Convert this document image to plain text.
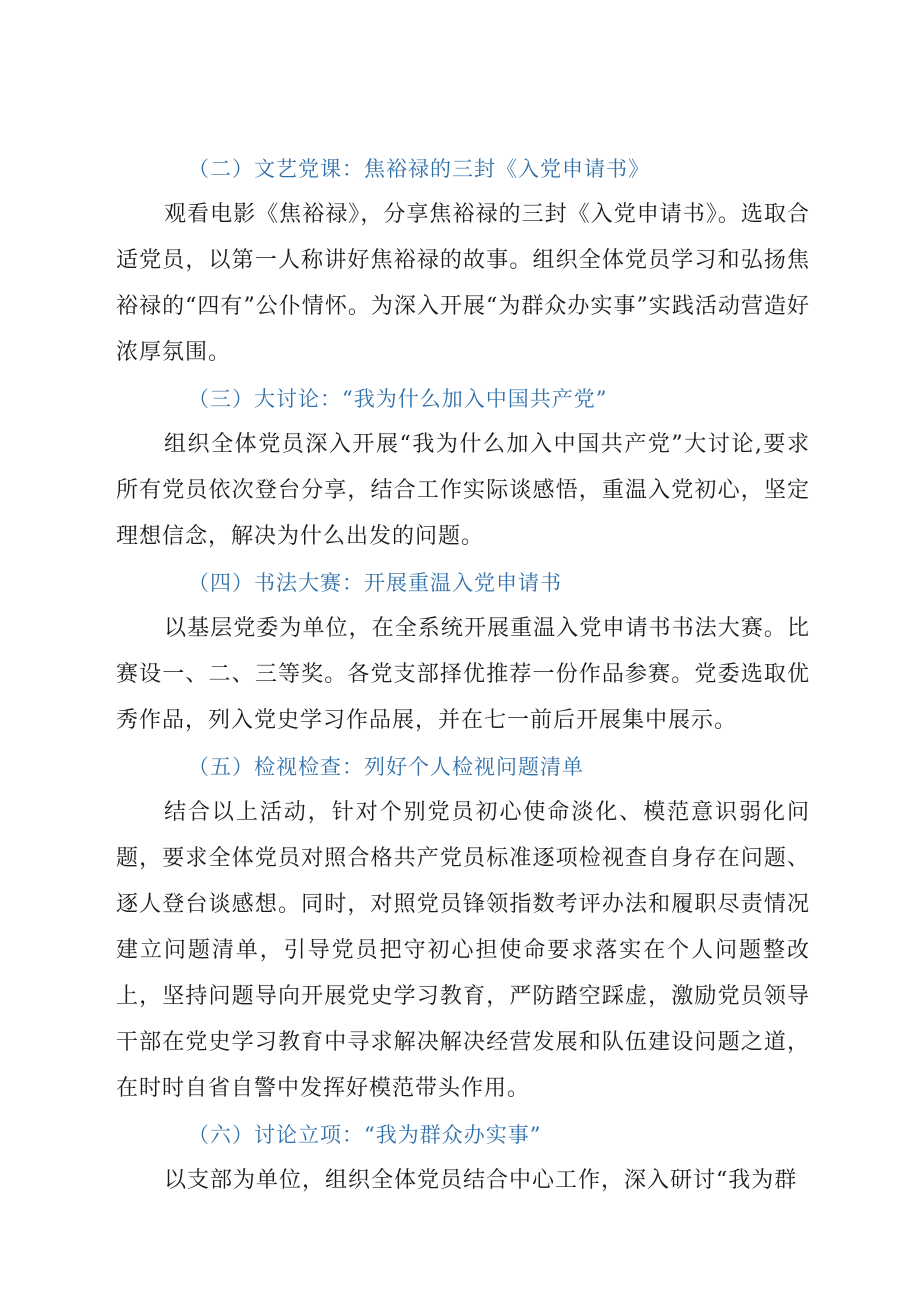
（二）文艺党课：焦裕禄的三封《入党申请书》
观看电影《焦裕禄》，分享焦裕禄的三封《入党申请书》。选取合适党员，以第一人称讲好焦裕禄的故事。组织全体党员学习和弘扬焦裕禄的“四有”公仆情怀。为深入开展“为群众办实事”实践活动营造好浓厚氛围。
（三）大讨论：“我为什么加入中国共产党”
组织全体党员深入开展“我为什么加入中国共产党”大讨论,要求所有党员依次登台分享，结合工作实际谈感悟，重温入党初心，坚定理想信念，解决为什么出发的问题。
（四）书法大赛：开展重温入党申请书
以基层党委为单位，在全系统开展重温入党申请书书法大赛。比赛设一、二、三等奖。各党支部择优推荐一份作品参赛。党委选取优秀作品，列入党史学习作品展，并在七一前后开展集中展示。
（五）检视检查：列好个人检视问题清单
结合以上活动，针对个别党员初心使命淡化、模范意识弱化问题，要求全体党员对照合格共产党员标准逐项检视查自身存在问题、逐人登台谈感想。同时，对照党员锋领指数考评办法和履职尽责情况建立问题清单，引导党员把守初心担使命要求落实在个人问题整改上，坚持问题导向开展党史学习教育，严防踏空踩虚，激励党员领导干部在党史学习教育中寻求解决解决经营发展和队伍建设问题之道，在时时自省自警中发挥好模范带头作用。
（六）讨论立项：“我为群众办实事”
以支部为单位，组织全体党员结合中心工作，深入研讨“我为群
